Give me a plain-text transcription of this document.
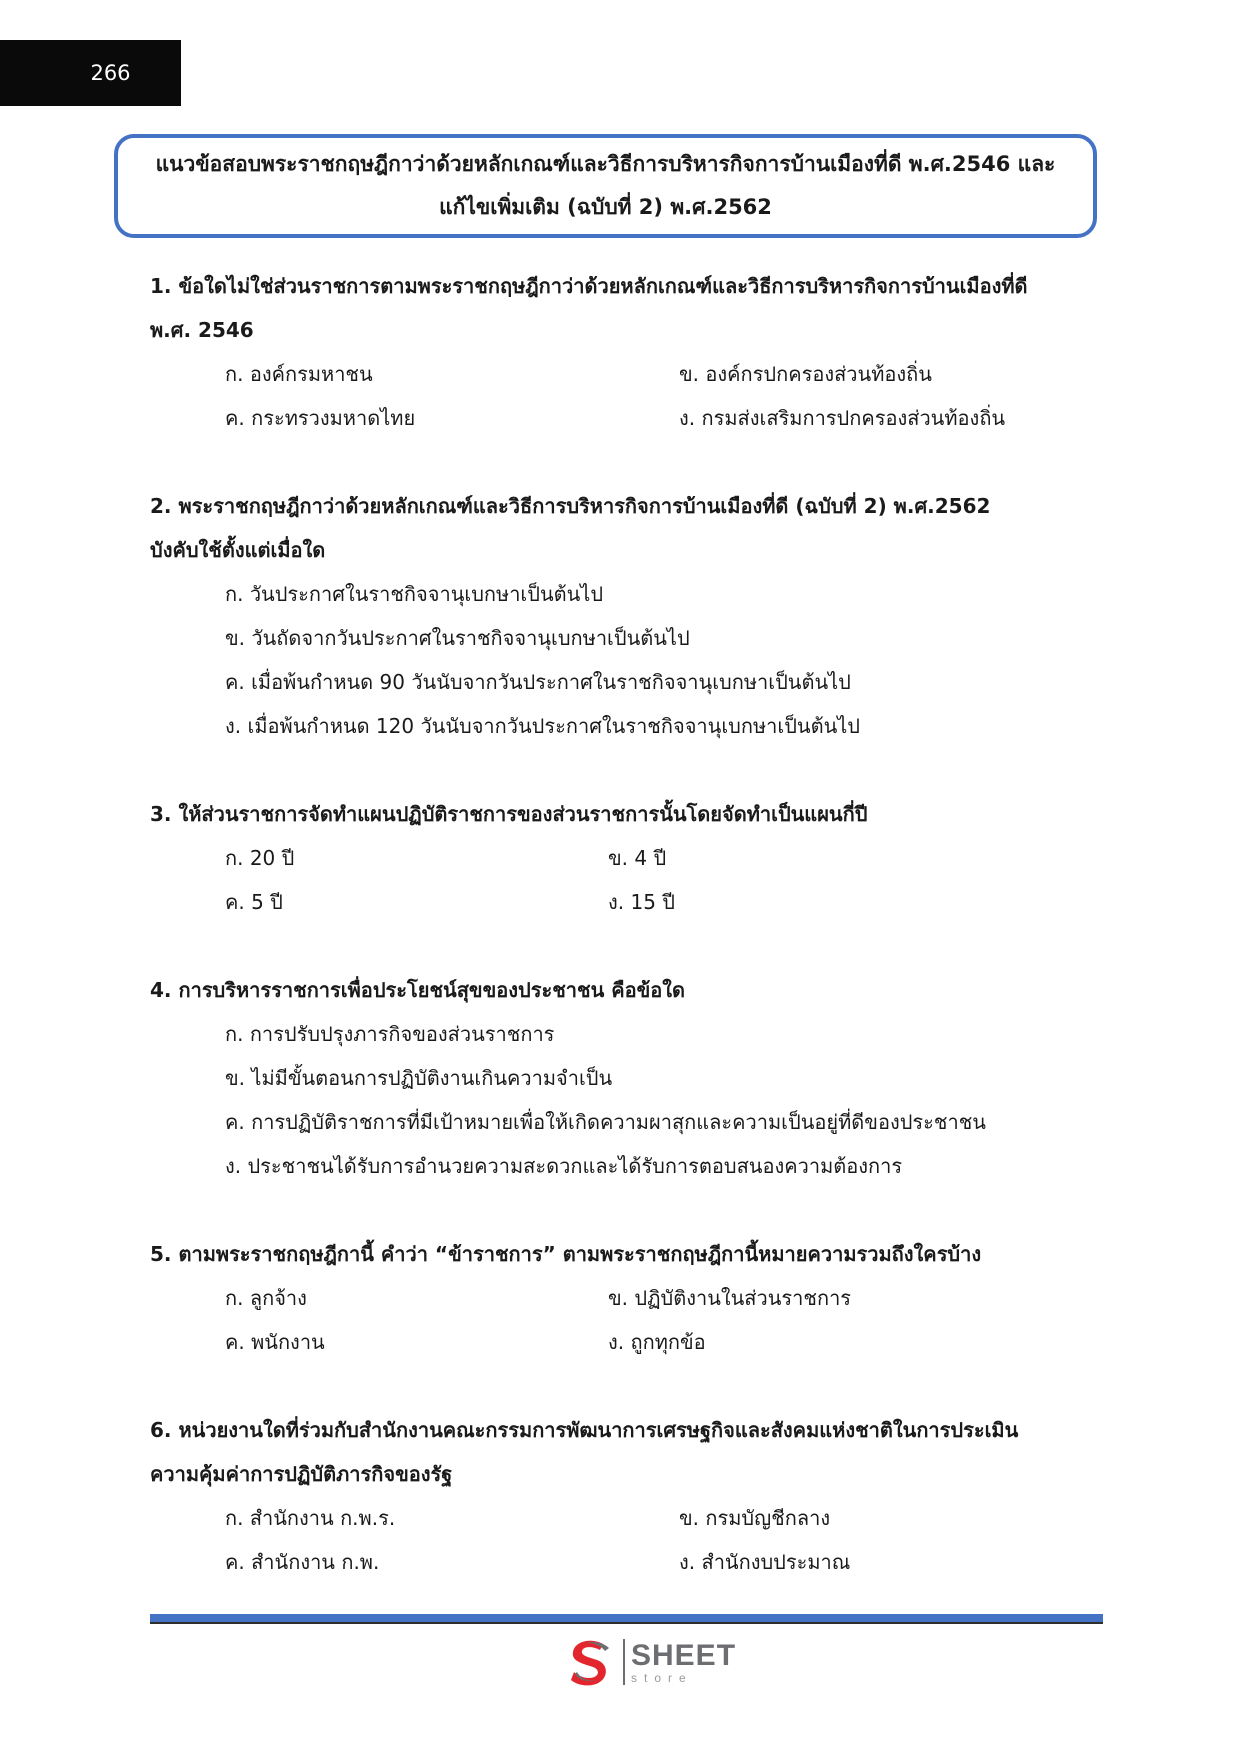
266
แนวข้อสอบพระราชกฤษฎีกาว่าด้วยหลักเกณฑ์และวิธีการบริหารกิจการบ้านเมืองที่ดี พ.ศ.2546 และ
แก้ไขเพิ่มเติม (ฉบับที่ 2) พ.ศ.2562
1. ข้อใดไม่ใช่ส่วนราชการตามพระราชกฤษฎีกาว่าด้วยหลักเกณฑ์และวิธีการบริหารกิจการบ้านเมืองที่ดี
พ.ศ. 2546
ก. องค์กรมหาชน	ข. องค์กรปกครองส่วนท้องถิ่น
ค. กระทรวงมหาดไทย	ง. กรมส่งเสริมการปกครองส่วนท้องถิ่น
2. พระราชกฤษฎีกาว่าด้วยหลักเกณฑ์และวิธีการบริหารกิจการบ้านเมืองที่ดี (ฉบับที่ 2) พ.ศ.2562
บังคับใช้ตั้งแต่เมื่อใด
ก. วันประกาศในราชกิจจานุเบกษาเป็นต้นไป
ข. วันถัดจากวันประกาศในราชกิจจานุเบกษาเป็นต้นไป
ค. เมื่อพ้นกำหนด 90 วันนับจากวันประกาศในราชกิจจานุเบกษาเป็นต้นไป
ง. เมื่อพ้นกำหนด 120 วันนับจากวันประกาศในราชกิจจานุเบกษาเป็นต้นไป
3. ให้ส่วนราชการจัดทำแผนปฏิบัติราชการของส่วนราชการนั้นโดยจัดทำเป็นแผนกี่ปี
ก. 20 ปี	ข. 4 ปี
ค. 5 ปี	ง. 15 ปี
4. การบริหารราชการเพื่อประโยชน์สุขของประชาชน คือข้อใด
ก. การปรับปรุงภารกิจของส่วนราชการ
ข. ไม่มีขั้นตอนการปฏิบัติงานเกินความจำเป็น
ค. การปฏิบัติราชการที่มีเป้าหมายเพื่อให้เกิดความผาสุกและความเป็นอยู่ที่ดีของประชาชน
ง. ประชาชนได้รับการอำนวยความสะดวกและได้รับการตอบสนองความต้องการ
5. ตามพระราชกฤษฎีกานี้ คำว่า “ข้าราชการ” ตามพระราชกฤษฎีกานี้หมายความรวมถึงใครบ้าง
ก. ลูกจ้าง	ข. ปฏิบัติงานในส่วนราชการ
ค. พนักงาน	ง. ถูกทุกข้อ
6. หน่วยงานใดที่ร่วมกับสำนักงานคณะกรรมการพัฒนาการเศรษฐกิจและสังคมแห่งชาติในการประเมิน
ความคุ้มค่าการปฏิบัติภารกิจของรัฐ
ก. สำนักงาน ก.พ.ร.	ข. กรมบัญชีกลาง
ค. สำนักงาน ก.พ.	ง. สำนักงบประมาณ
SHEET
store
